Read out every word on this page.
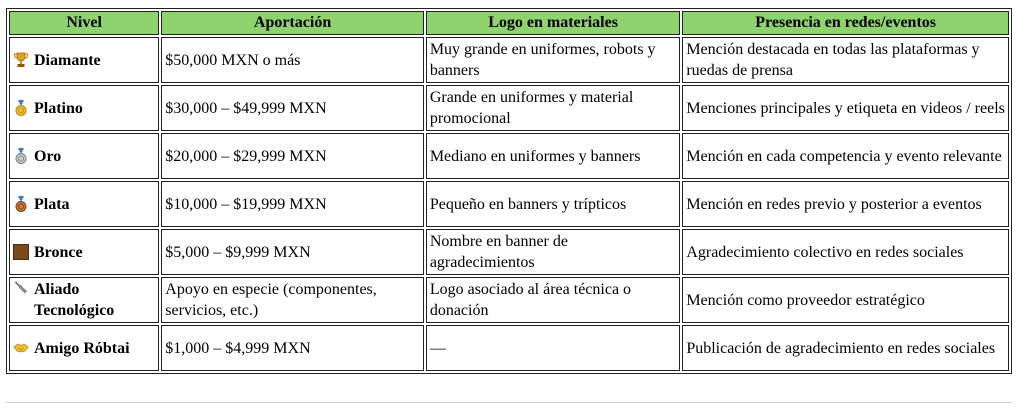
Nivel	Aportación	Logo en materiales	Presencia en redes/eventos

Diamante	$50,000 MXN o más	Muy grande en uniformes, robots y banners	Mención destacada en todas las plataformas y ruedas de prensa

Platino	$30,000 – $49,999 MXN	Grande en uniformes y material promocional	Menciones principales y etiqueta en videos / reels

Oro	$20,000 – $29,999 MXN	Mediano en uniformes y banners	Mención en cada competencia y evento relevante

Plata	$10,000 – $19,999 MXN	Pequeño en banners y trípticos	Mención en redes previo y posterior a eventos

Bronce	$5,000 – $9,999 MXN	Nombre en banner de agradecimientos	Agradecimiento colectivo en redes sociales

Aliado Tecnológico	Apoyo en especie (componentes, servicios, etc.)	Logo asociado al área técnica o donación	Mención como proveedor estratégico

Amigo Róbtai	$1,000 – $4,999 MXN	—	Publicación de agradecimiento en redes sociales
